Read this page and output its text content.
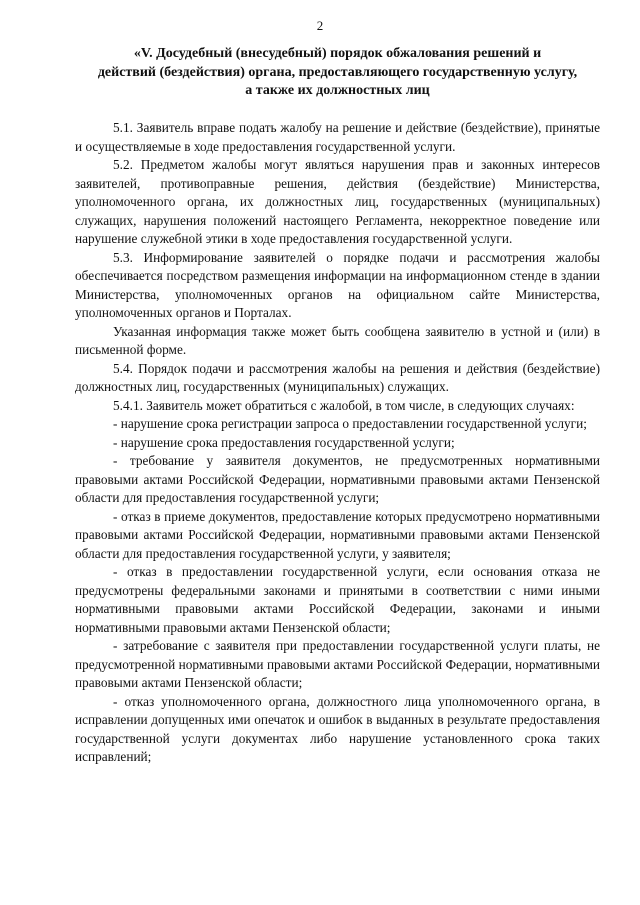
2
«V. Досудебный (внесудебный) порядок обжалования решений и
действий (бездействия) органа, предоставляющего государственную услугу,
а также их должностных лиц

5.1. Заявитель вправе подать жалобу на решение и действие (бездействие), принятые и осуществляемые в ходе предоставления государственной услуги.

5.2. Предметом жалобы могут являться нарушения прав и законных интересов заявителей, противоправные решения, действия (бездействие) Министерства, уполномоченного органа, их должностных лиц, государственных (муниципальных) служащих, нарушения положений настоящего Регламента, некорректное поведение или нарушение служебной этики в ходе предоставления государственной услуги.

5.3. Информирование заявителей о порядке подачи и рассмотрения жалобы обеспечивается посредством размещения информации на информационном стенде в здании Министерства, уполномоченных органов на официальном сайте Министерства, уполномоченных органов и Порталах.

Указанная информация также может быть сообщена заявителю в устной и (или) в письменной форме.

5.4. Порядок подачи и рассмотрения жалобы на решения и действия (бездействие) должностных лиц, государственных (муниципальных) служащих.

5.4.1. Заявитель может обратиться с жалобой, в том числе, в следующих случаях:

- нарушение срока регистрации запроса о предоставлении государственной услуги;

- нарушение срока предоставления государственной услуги;

- требование у заявителя документов, не предусмотренных нормативными правовыми актами Российской Федерации, нормативными правовыми актами Пензенской области для предоставления государственной услуги;

- отказ в приеме документов, предоставление которых предусмотрено нормативными правовыми актами Российской Федерации, нормативными правовыми актами Пензенской области для предоставления государственной услуги, у заявителя;

- отказ в предоставлении государственной услуги, если основания отказа не предусмотрены федеральными законами и принятыми в соответствии с ними иными нормативными правовыми актами Российской Федерации, законами и иными нормативными правовыми актами Пензенской области;

- затребование с заявителя при предоставлении государственной услуги платы, не предусмотренной нормативными правовыми актами Российской Федерации, нормативными правовыми актами Пензенской области;

- отказ уполномоченного органа, должностного лица уполномоченного органа, в исправлении допущенных ими опечаток и ошибок в выданных в результате предоставления государственной услуги документах либо нарушение установленного срока таких исправлений;
